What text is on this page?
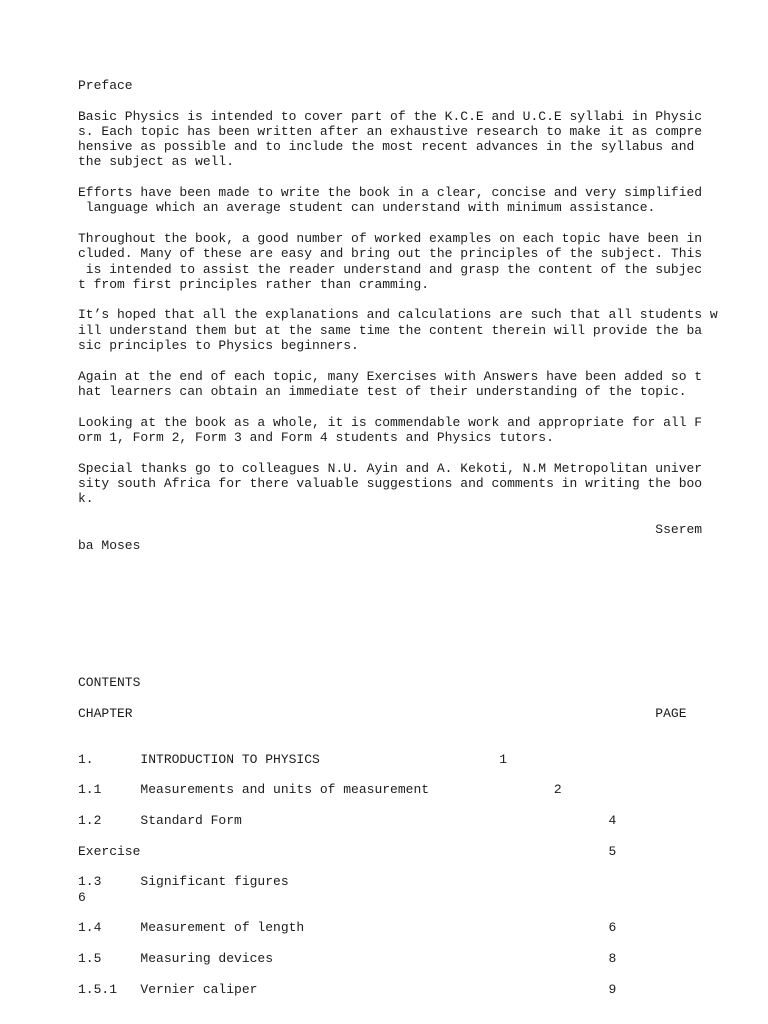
Preface
Basic Physics is intended to cover part of the K.C.E and U.C.E syllabi in Physic
s. Each topic has been written after an exhaustive research to make it as compre
hensive as possible and to include the most recent advances in the syllabus and
the subject as well.
Efforts have been made to write the book in a clear, concise and very simplified
language which an average student can understand with minimum assistance.
Throughout the book, a good number of worked examples on each topic have been in
cluded. Many of these are easy and bring out the principles of the subject. This
is intended to assist the reader understand and grasp the content of the subjec
t from first principles rather than cramming.
It’s hoped that all the explanations and calculations are such that all students w
ill understand them but at the same time the content therein will provide the ba
sic principles to Physics beginners.
Again at the end of each topic, many Exercises with Answers have been added so t
hat learners can obtain an immediate test of their understanding of the topic.
Looking at the book as a whole, it is commendable work and appropriate for all F
orm 1, Form 2, Form 3 and Form 4 students and Physics tutors.
Special thanks go to colleagues N.U. Ayin and A. Kekoti, N.M Metropolitan univer
sity south Africa for there valuable suggestions and comments in writing the boo
k.
Sserem
ba Moses
CONTENTS
CHAPTER                                                                   PAGE
1.      INTRODUCTION TO PHYSICS                       1
1.1     Measurements and units of measurement                2
1.2     Standard Form                                               4
Exercise                                                            5
1.3     Significant figures
6
1.4     Measurement of length                                       6
1.5     Measuring devices                                           8
1.5.1   Vernier caliper                                             9
